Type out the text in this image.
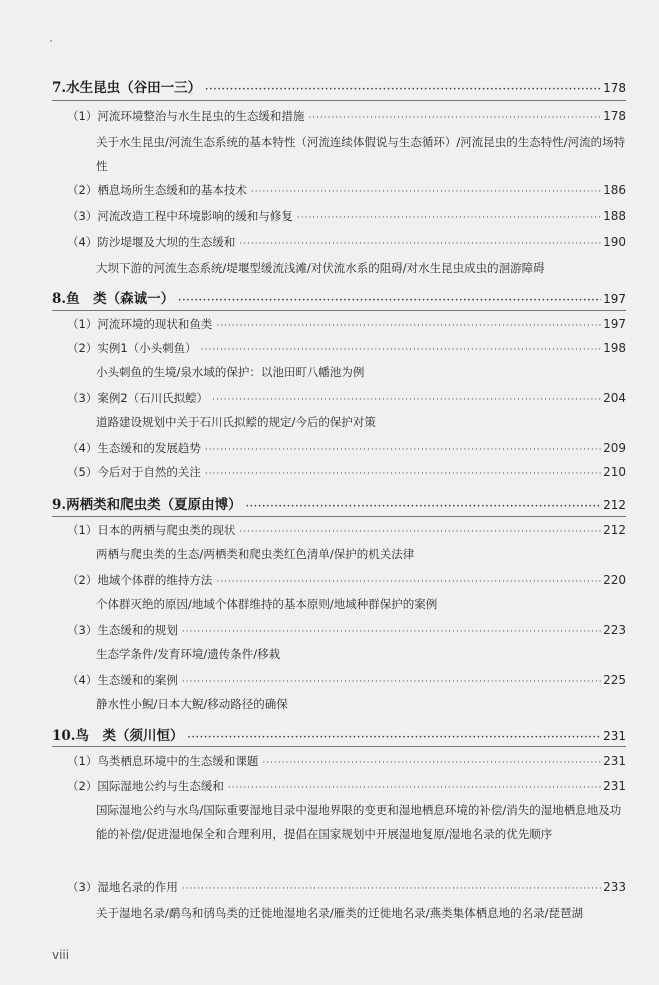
7.水生昆虫（谷田一三） ·····	178
（1）河流环境整治与水生昆虫的生态缓和措施 ·····	178
关于水生昆虫/河流生态系统的基本特性（河流连续体假说与生态循环）/河流昆虫的生态特性/河流的场特性
（2）栖息场所生态缓和的基本技术 ·····	186
（3）河流改造工程中环境影响的缓和与修复 ·····	188
（4）防沙堤堰及大坝的生态缓和 ·····	190
大坝下游的河流生态系统/堤堰型缓流浅滩/对伏流水系的阻碍/对水生昆虫成虫的洄游障碍
8.鱼　类（森诚一） ·····	197
（1）河流环境的现状和鱼类 ·····	197
（2）实例1（小头刺鱼） ·····	198
小头刺鱼的生境/泉水域的保护：以池田町八幡池为例
（3）案例2（石川氏拟鲿） ·····	204
道路建设规划中关于石川氏拟鲿的规定/今后的保护对策
（4）生态缓和的发展趋势 ·····	209
（5）今后对于自然的关注 ·····	210
9.两栖类和爬虫类（夏原由博） ·····	212
（1）日本的两栖与爬虫类的现状 ·····	212
两栖与爬虫类的生态/两栖类和爬虫类红色清单/保护的机关法律
（2）地域个体群的维持方法 ·····	220
个体群灭绝的原因/地域个体群维持的基本原则/地域种群保护的案例
（3）生态缓和的规划 ·····	223
生态学条件/发育环境/遗传条件/移栽
（4）生态缓和的案例 ·····	225
静水性小鲵/日本大鲵/移动路径的确保
10.鸟　类（须川恒） ·····	231
（1）鸟类栖息环境中的生态缓和课题 ·····	231
（2）国际湿地公约与生态缓和 ·····	231
国际湿地公约与水鸟/国际重要湿地目录中湿地界限的变更和湿地栖息环境的补偿/消失的湿地栖息地及功能的补偿/促进湿地保全和合理利用，提倡在国家规划中开展湿地复原/湿地名录的优先顺序
（3）湿地名录的作用 ·····	233
关于湿地名录/鹬鸟和鸻鸟类的迁徙地湿地名录/雁类的迁徙地名录/燕类集体栖息地的名录/琵琶湖
viii
